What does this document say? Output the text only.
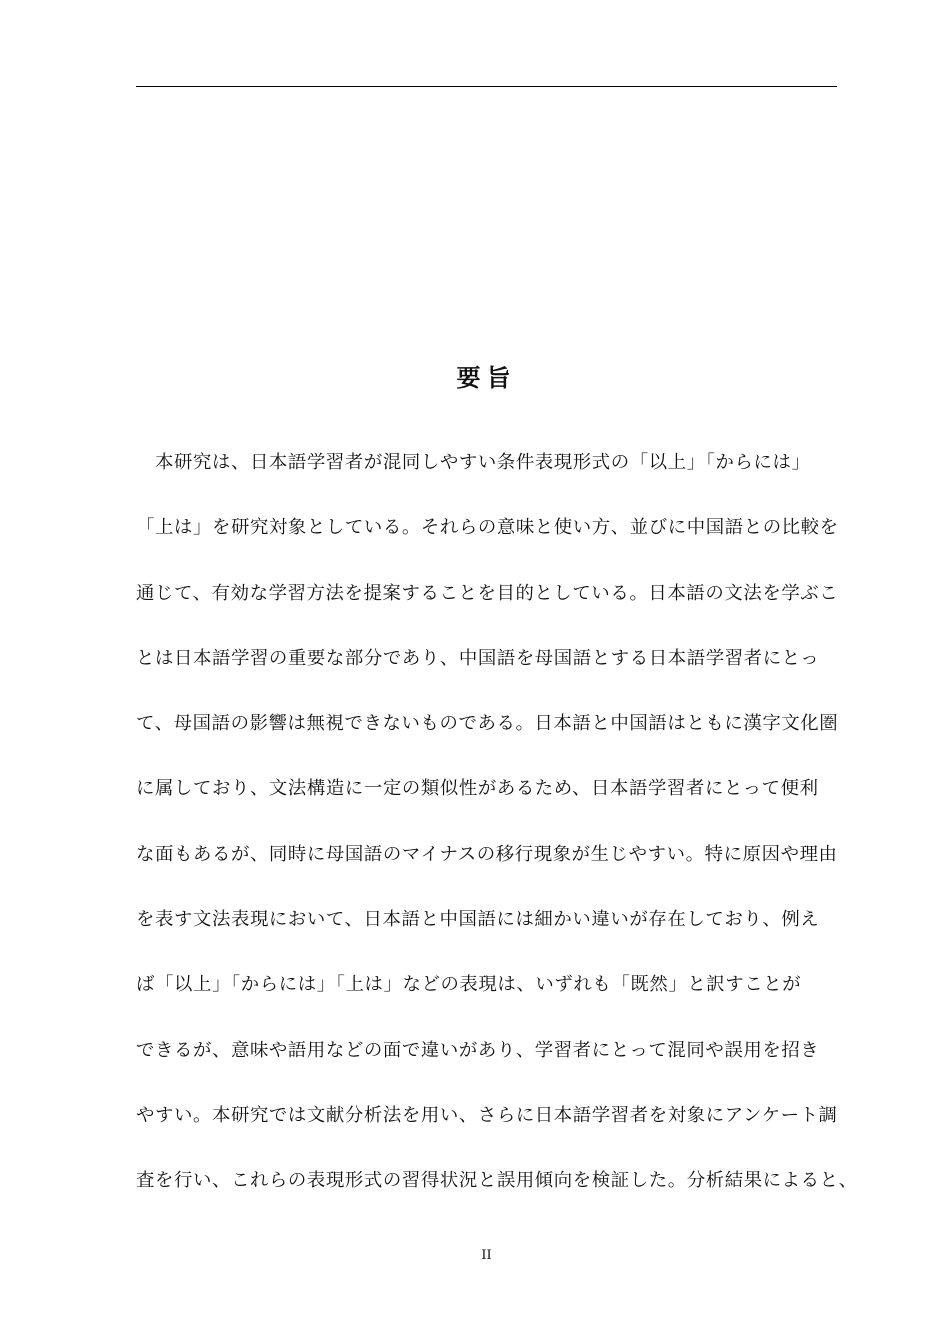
要旨
　本研究は、日本語学習者が混同しやすい条件表現形式の「以上」「からには」
「上は」を研究対象としている。それらの意味と使い方、並びに中国語との比較を
通じて、有効な学習方法を提案することを目的としている。日本語の文法を学ぶこ
とは日本語学習の重要な部分であり、中国語を母国語とする日本語学習者にとっ
て、母国語の影響は無視できないものである。日本語と中国語はともに漢字文化圏
に属しており、文法構造に一定の類似性があるため、日本語学習者にとって便利
な面もあるが、同時に母国語のマイナスの移行現象が生じやすい。特に原因や理由
を表す文法表現において、日本語と中国語には細かい違いが存在しており、例え
ば「以上」「からには」「上は」などの表現は、いずれも「既然」と訳すことが
できるが、意味や語用などの面で違いがあり、学習者にとって混同や誤用を招き
やすい。本研究では文献分析法を用い、さらに日本語学習者を対象にアンケート調
査を行い、これらの表現形式の習得状況と誤用傾向を検証した。分析結果によると、
II
